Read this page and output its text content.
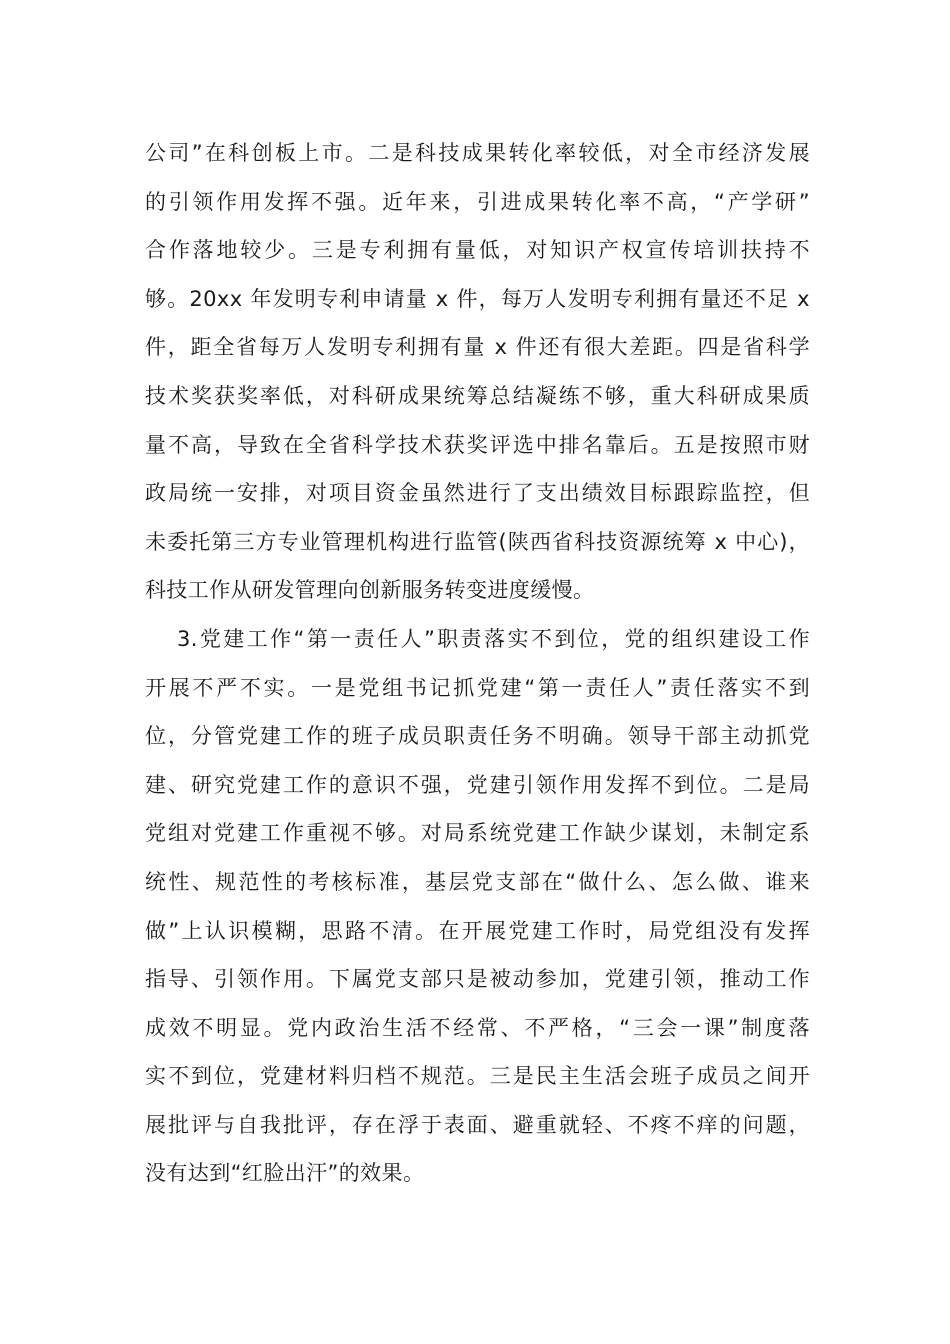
公司”在科创板上市。二是科技成果转化率较低，对全市经济发展
的引领作用发挥不强。近年来，引进成果转化率不高，“产学研”
合作落地较少。三是专利拥有量低，对知识产权宣传培训扶持不
够。20xx 年发明专利申请量 x 件，每万人发明专利拥有量还不足 x
件，距全省每万人发明专利拥有量 x 件还有很大差距。四是省科学
技术奖获奖率低，对科研成果统筹总结凝练不够，重大科研成果质
量不高，导致在全省科学技术获奖评选中排名靠后。五是按照市财
政局统一安排，对项目资金虽然进行了支出绩效目标跟踪监控，但
未委托第三方专业管理机构进行监管(陕西省科技资源统筹 x 中心)，
科技工作从研发管理向创新服务转变进度缓慢。

3.党建工作“第一责任人”职责落实不到位，党的组织建设工作
开展不严不实。一是党组书记抓党建“第一责任人”责任落实不到
位，分管党建工作的班子成员职责任务不明确。领导干部主动抓党
建、研究党建工作的意识不强，党建引领作用发挥不到位。二是局
党组对党建工作重视不够。对局系统党建工作缺少谋划，未制定系
统性、规范性的考核标准，基层党支部在“做什么、怎么做、谁来
做”上认识模糊，思路不清。在开展党建工作时，局党组没有发挥
指导、引领作用。下属党支部只是被动参加，党建引领，推动工作
成效不明显。党内政治生活不经常、不严格，“三会一课”制度落
实不到位，党建材料归档不规范。三是民主生活会班子成员之间开
展批评与自我批评，存在浮于表面、避重就轻、不疼不痒的问题，
没有达到“红脸出汗”的效果。
